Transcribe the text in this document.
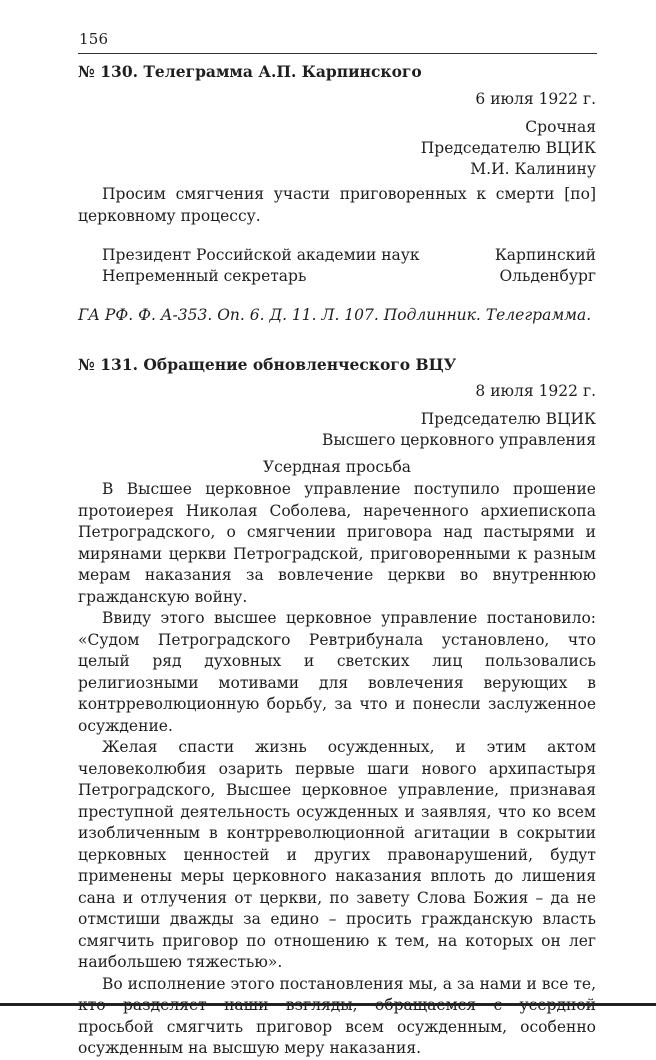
156
№ 130. Телеграмма А.П. Карпинского
6 июля 1922 г.
Срочная
Председателю ВЦИК
М.И. Калинину

Просим смягчения участи приговоренных к смерти [по] церковному процессу.

Президент Российской академии наук	Карпинский
Непременный секретарь	Ольденбург
ГА РФ. Ф. А-353. Оп. 6. Д. 11. Л. 107. Подлинник. Телеграмма.
№ 131. Обращение обновленческого ВЦУ
8 июля 1922 г.
Председателю ВЦИК
Высшего церковного управления
Усердная просьба

В Высшее церковное управление поступило прошение протоиерея Николая Соболева, нареченного архиепископа Петроградского, о смягчении приговора над пастырями и мирянами церкви Петроградской, приговоренными к разным мерам наказания за вовлечение церкви во внутреннюю гражданскую войну.

Ввиду этого высшее церковное управление постановило: «Судом Петроградского Ревтрибунала установлено, что целый ряд духовных и светских лиц пользовались религиозными мотивами для вовлечения верующих в контрреволюционную борьбу, за что и понесли заслуженное осуждение.

Желая спасти жизнь осужденных, и этим актом человеколюбия озарить первые шаги нового архипастыря Петроградского, Высшее церковное управление, признавая преступной деятельность осужденных и заявляя, что ко всем изобличенным в контрреволюционной агитации в сокрытии церковных ценностей и других правонарушений, будут применены меры церковного наказания вплоть до лишения сана и отлучения от церкви, по завету Слова Божия – да не отмстиши дважды за едино – просить гражданскую власть смягчить приговор по отношению к тем, на которых он лег наибольшею тяжестью».

Во исполнение этого постановления мы, а за нами и все те, просьбой смягчить приговор всем осужденным, особенно осужденным на высшую меру наказания.
